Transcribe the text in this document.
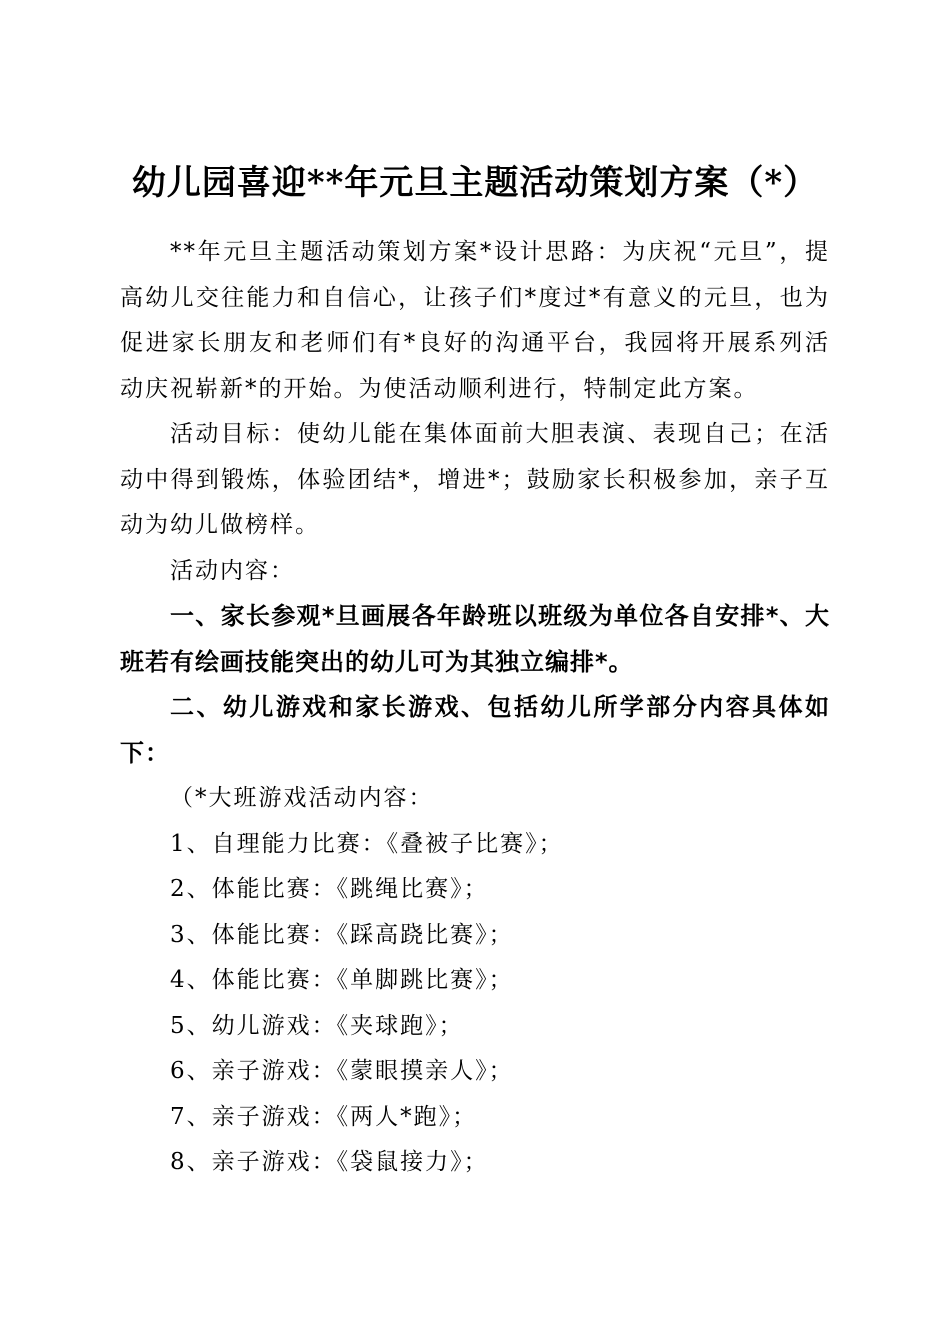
幼儿园喜迎**年元旦主题活动策划方案（*）

**年元旦主题活动策划方案*设计思路：为庆祝“元旦”，提高幼儿交往能力和自信心，让孩子们*度过*有意义的元旦，也为促进家长朋友和老师们有*良好的沟通平台，我园将开展系列活动庆祝崭新*的开始。为使活动顺利进行，特制定此方案。

活动目标：使幼儿能在集体面前大胆表演、表现自己；在活动中得到锻炼，体验团结*，增进*；鼓励家长积极参加，亲子互动为幼儿做榜样。

活动内容：

一、家长参观*旦画展各年龄班以班级为单位各自安排*、大班若有绘画技能突出的幼儿可为其独立编排*。

二、幼儿游戏和家长游戏、包括幼儿所学部分内容具体如下：

（*大班游戏活动内容：

1、自理能力比赛：《叠被子比赛》；

2、体能比赛：《跳绳比赛》；

3、体能比赛：《踩高跷比赛》；

4、体能比赛：《单脚跳比赛》；

5、幼儿游戏：《夹球跑》；

6、亲子游戏：《蒙眼摸亲人》；

7、亲子游戏：《两人*跑》；

8、亲子游戏：《袋鼠接力》；
